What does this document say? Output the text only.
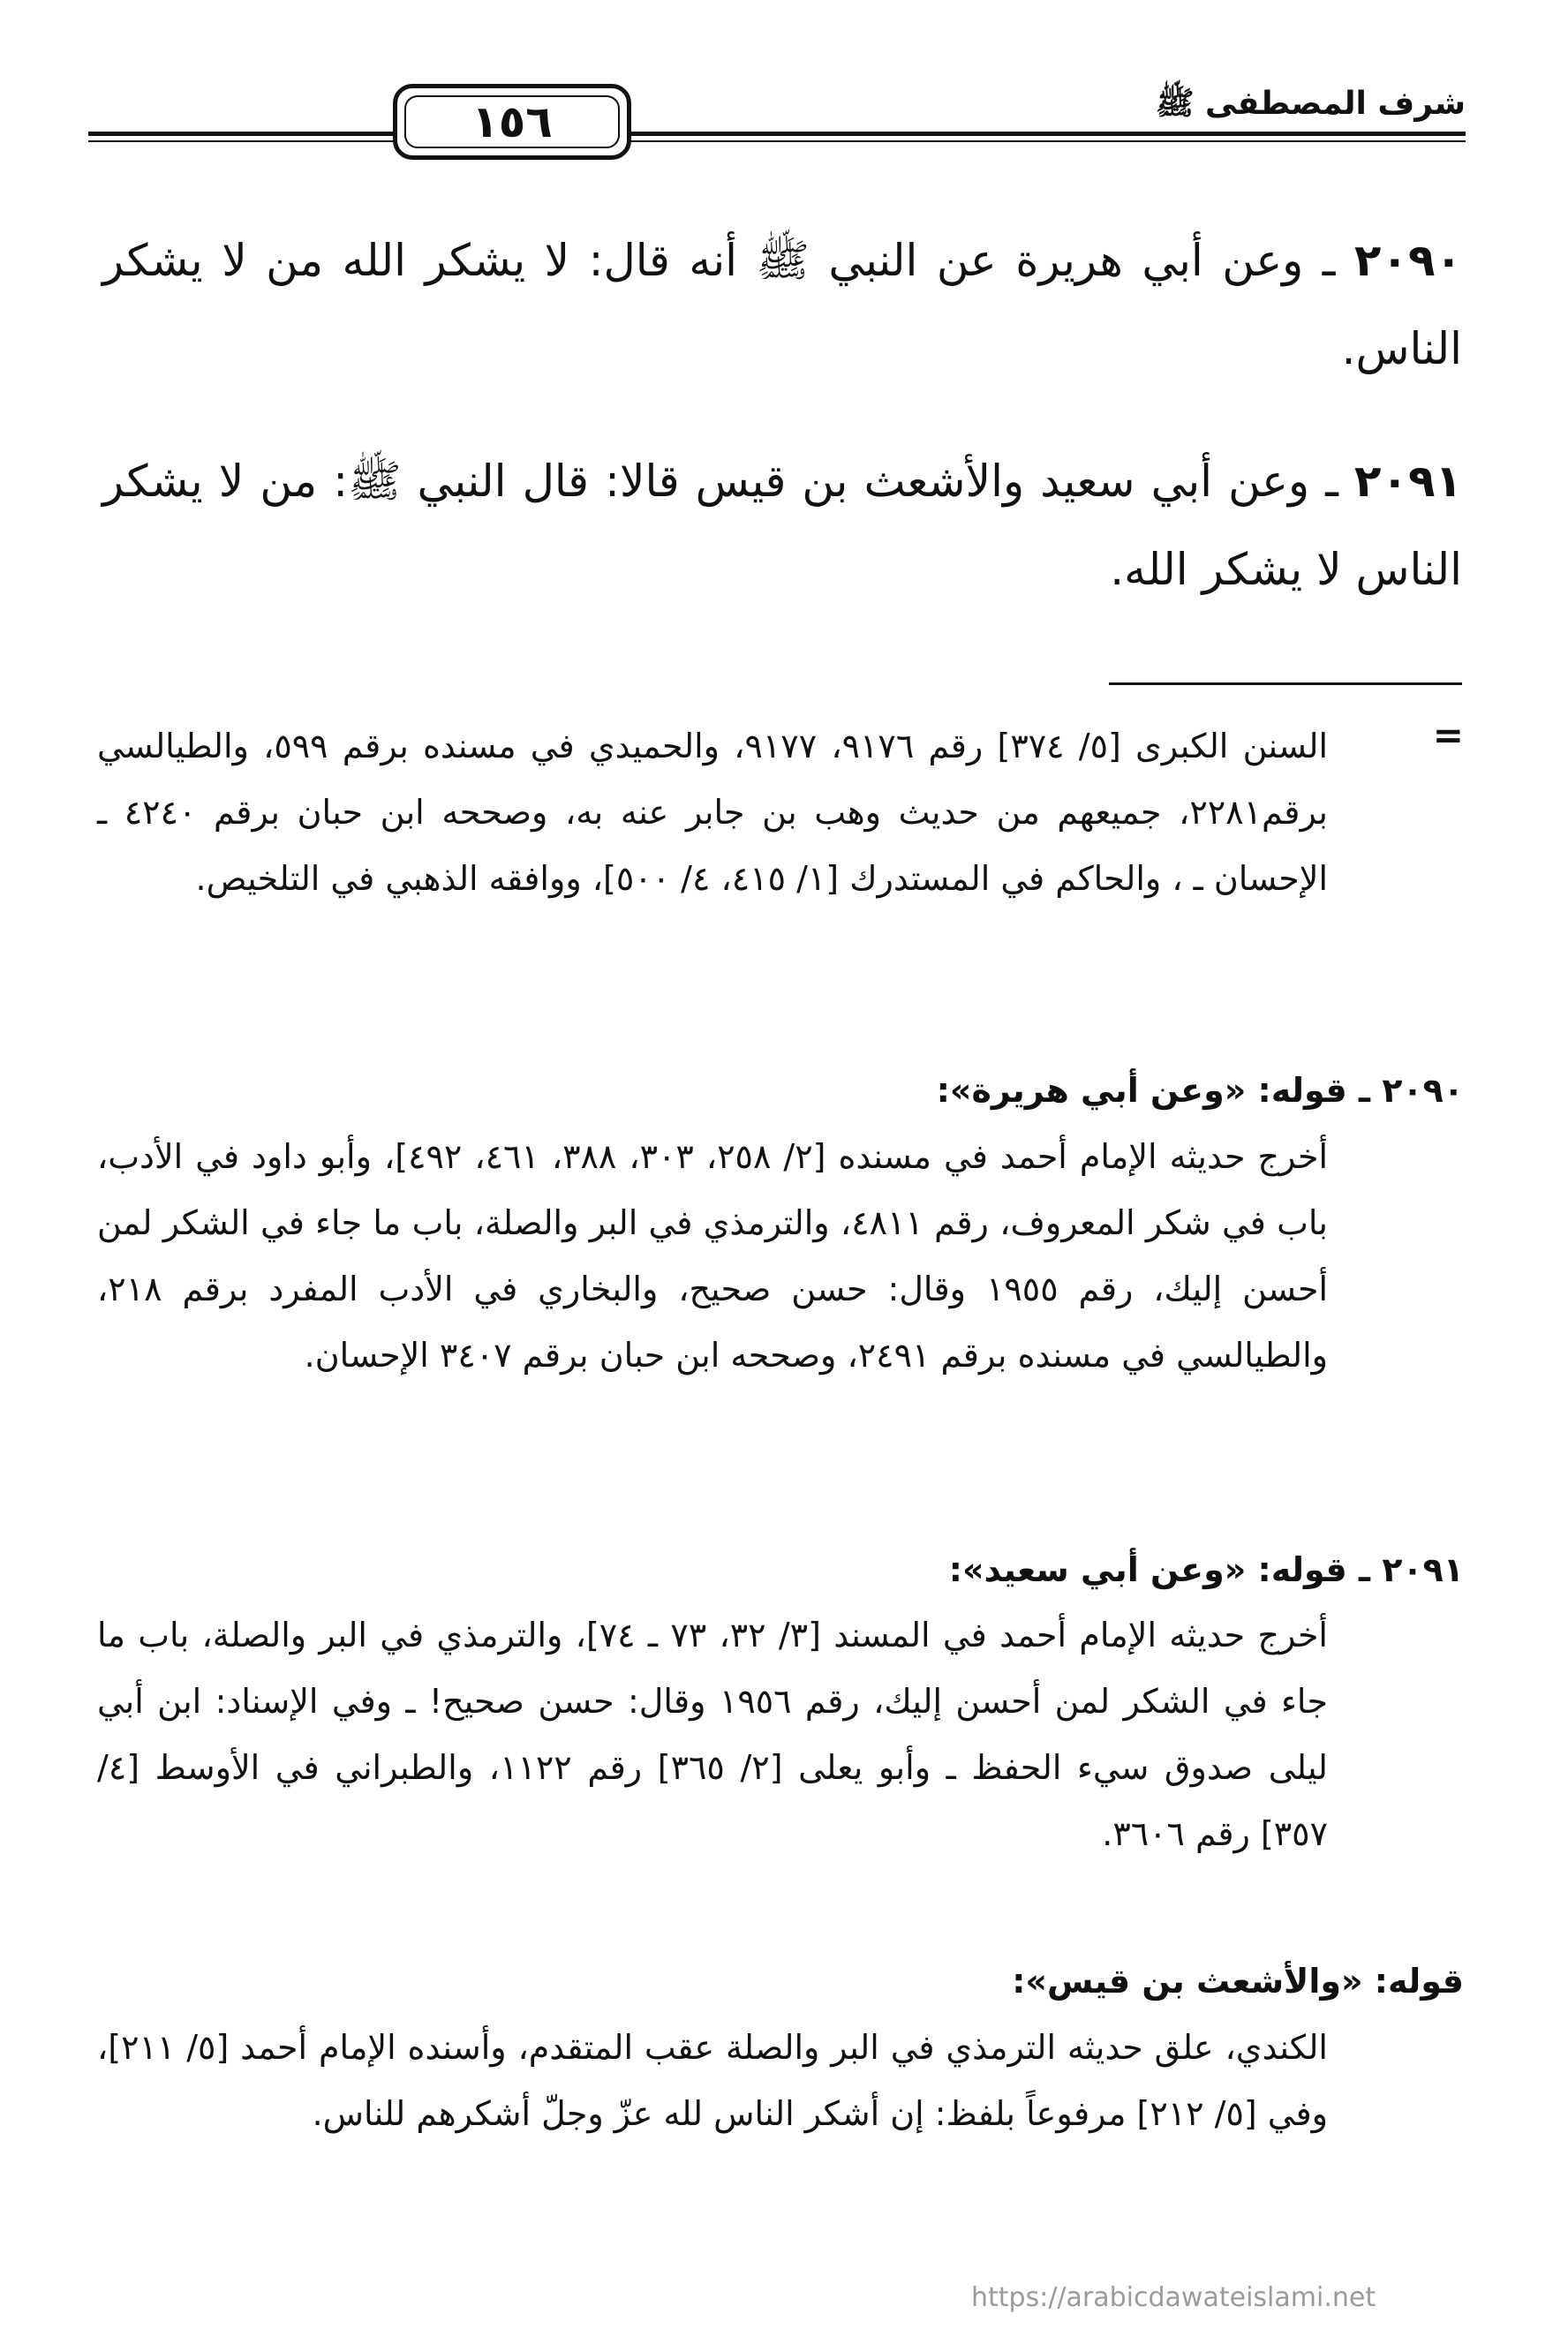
شرف المصطفى ﷺ
١٥٦

٢٠٩٠ ـ وعن أبي هريرة عن النبي ﷺ أنه قال: لا يشكر الله من لا يشكر الناس.

٢٠٩١ ـ وعن أبي سعيد والأشعث بن قيس قالا: قال النبي ﷺ: من لا يشكر الناس لا يشكر الله.

=

السنن الكبرى [٥/ ٣٧٤] رقم ٩١٧٦، ٩١٧٧، والحميدي في مسنده برقم ٥٩٩، والطيالسي برقم٢٢٨١، جميعهم من حديث وهب بن جابر عنه به، وصححه ابن حبان برقم ٤٢٤٠ ـ الإحسان ـ ، والحاكم في المستدرك [١/ ٤١٥، ٤/ ٥٠٠]، ووافقه الذهبي في التلخيص.

٢٠٩٠ ـ قوله: «وعن أبي هريرة»:

أخرج حديثه الإمام أحمد في مسنده [٢/ ٢٥٨، ٣٠٣، ٣٨٨، ٤٦١، ٤٩٢]، وأبو داود في الأدب، باب في شكر المعروف، رقم ٤٨١١، والترمذي في البر والصلة، باب ما جاء في الشكر لمن أحسن إليك، رقم ١٩٥٥ وقال: حسن صحيح، والبخاري في الأدب المفرد برقم ٢١٨، والطيالسي في مسنده برقم ٢٤٩١، وصححه ابن حبان برقم ٣٤٠٧ الإحسان.

٢٠٩١ ـ قوله: «وعن أبي سعيد»:

أخرج حديثه الإمام أحمد في المسند [٣/ ٣٢، ٧٣ ـ ٧٤]، والترمذي في البر والصلة، باب ما جاء في الشكر لمن أحسن إليك، رقم ١٩٥٦ وقال: حسن صحيح! ـ وفي الإسناد: ابن أبي ليلى صدوق سيء الحفظ ـ وأبو يعلى [٢/ ٣٦٥] رقم ١١٢٢، والطبراني في الأوسط [٤/ ٣٥٧] رقم ٣٦٠٦.

قوله: «والأشعث بن قيس»:

الكندي، علق حديثه الترمذي في البر والصلة عقب المتقدم، وأسنده الإمام أحمد [٥/ ٢١١]، وفي [٥/ ٢١٢] مرفوعاً بلفظ: إن أشكر الناس لله عزّ وجلّ أشكرهم للناس.

https://arabicdawateislami.net
